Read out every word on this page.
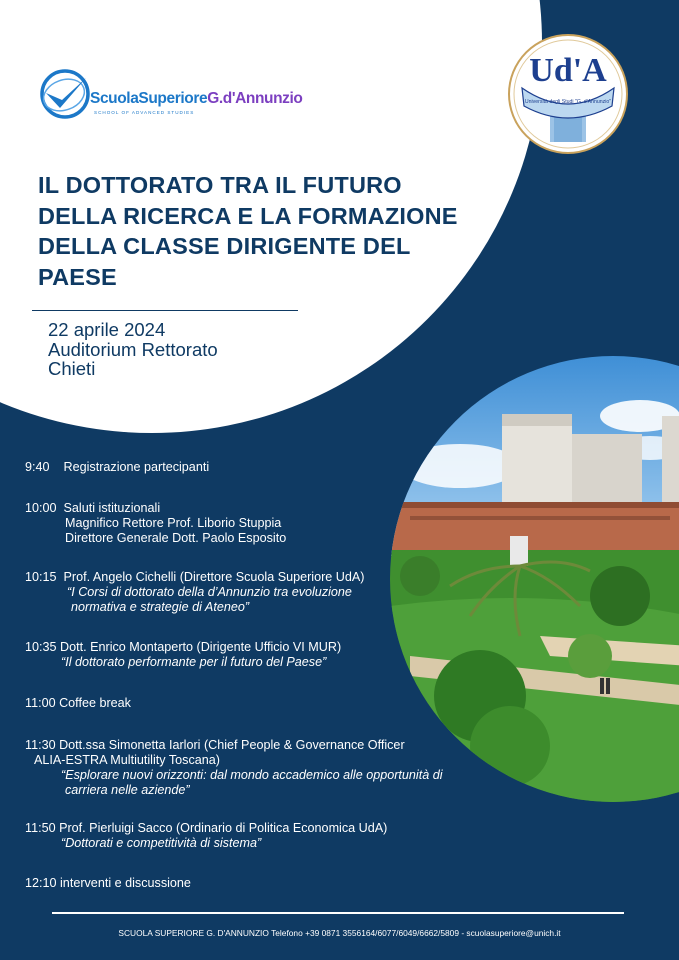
ScuolaSuperioreG.d'Annunzio
SCHOOL OF ADVANCED STUDIES
Ud'A
Università degli Studi "G. d'Annunzio"
IL DOTTORATO TRA IL FUTURO DELLA RICERCA E LA FORMAZIONE DELLA CLASSE DIRIGENTE DEL PAESE
22 aprile 2024
Auditorium Rettorato
Chieti
9:40    Registrazione partecipanti
10:00  Saluti istituzionali
Magnifico Rettore Prof. Liborio Stuppia
Direttore Generale Dott. Paolo Esposito
10:15  Prof. Angelo Cichelli (Direttore Scuola Superiore UdA)
“I Corsi di dottorato della d’Annunzio tra evoluzione
normativa e strategie di Ateneo”
10:35 Dott. Enrico Montaperto (Dirigente Ufficio VI MUR)
“Il dottorato performante per il futuro del Paese”
11:00 Coffee break
11:30 Dott.ssa Simonetta Iarlori (Chief People & Governance Officer
ALIA-ESTRA Multiutility Toscana)
“Esplorare nuovi orizzonti: dal mondo accademico alle opportunità di
carriera nelle aziende”
11:50 Prof. Pierluigi Sacco (Ordinario di Politica Economica UdA)
“Dottorati e competitività di sistema”
12:10 interventi e discussione
SCUOLA SUPERIORE G. D'ANNUNZIO Telefono +39 0871 3556164/6077/6049/6662/5809 - scuolasuperiore@unich.it
